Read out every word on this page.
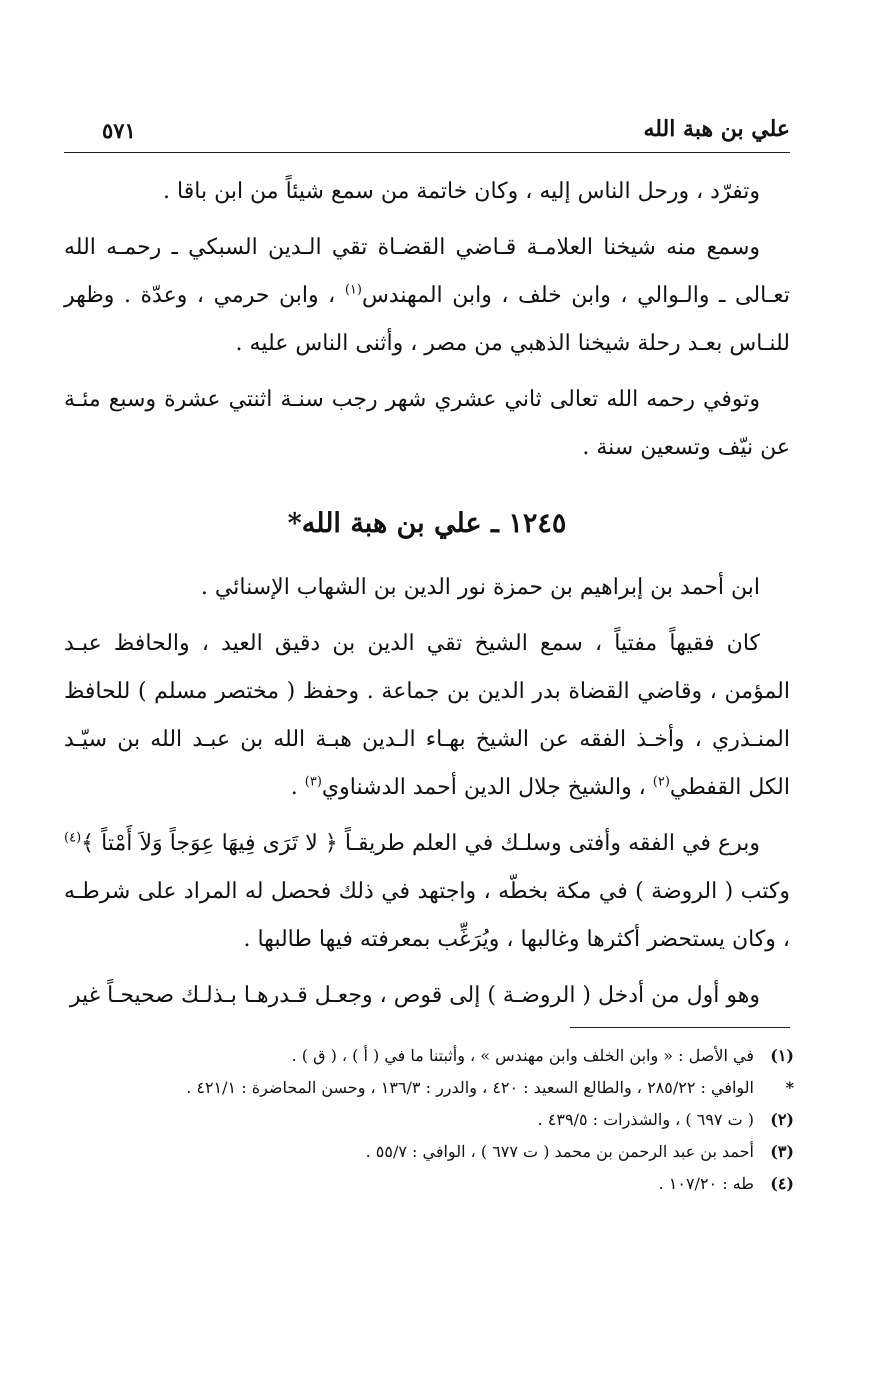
علي بن هبة الله
٥٧١

وتفرّد ، ورحل الناس إليه ، وكان خاتمة من سمع شيئاً من ابن باقا .

وسمع منه شيخنا العلامـة قـاضي القضـاة تقي الـدين السبكي ـ رحمـه الله تعـالى ـ والـوالي ، وابن خلف ، وابن المهندس$^{(١)}$ ، وابن حرمي ، وعدّة . وظهر للنـاس بعـد رحلة شيخنا الذهبي من مصر ، وأثنى الناس عليه .

وتوفي رحمه الله تعالى ثاني عشري شهر رجب سنـة اثنتي عشرة وسبع مئـة عن نيّف وتسعين سنة .

١٢٤٥ ـ علي بن هبة الله*

ابن أحمد بن إبراهيم بن حمزة نور الدين بن الشهاب الإسنائي .

كان فقيهاً مفتياً ، سمع الشيخ تقي الدين بن دقيق العيد ، والحافظ عبـد المؤمن ، وقاضي القضاة بدر الدين بن جماعة . وحفظ ( مختصر مسلم ) للحافظ المنـذري ، وأخـذ الفقه عن الشيخ بهـاء الـدين هبـة الله بن عبـد الله بن سيّـد الكل القفطي$^{(٢)}$ ، والشيخ جلال الدين أحمد الدشناوي$^{(٣)}$ .

وبرع في الفقه وأفتى وسلـك في العلم طريقـاً ﴿ لا تَرَى فِيهَا عِوَجاً وَلاَ أَمْتاً ﴾$^{(٤)}$ وكتب ( الروضة ) في مكة بخطّه ، واجتهد في ذلك فحصل له المراد على شرطـه ، وكان يستحضر أكثرها وغالبها ، ويُرَغِّب بمعرفته فيها طالبها .

وهو أول من أدخل ( الروضـة ) إلى قوص ، وجعـل قـدرهـا بـذلـك صحيحـاً غير

(١)
في الأصل : « وابن الخلف وابن مهندس » ، وأثبتنا ما في ( أ ) ، ( ق ) .
*
الوافي : ٢٨٥/٢٢ ، والطالع السعيد : ٤٢٠ ، والدرر : ١٣٦/٣ ، وحسن المحاضرة : ٤٢١/١ .
(٢)
( ت ٦٩٧ ) ، والشذرات : ٤٣٩/٥ .
(٣)
أحمد بن عبد الرحمن بن محمد ( ت ٦٧٧ ) ، الوافي : ٥٥/٧ .
(٤)
طه : ١٠٧/٢٠ .
